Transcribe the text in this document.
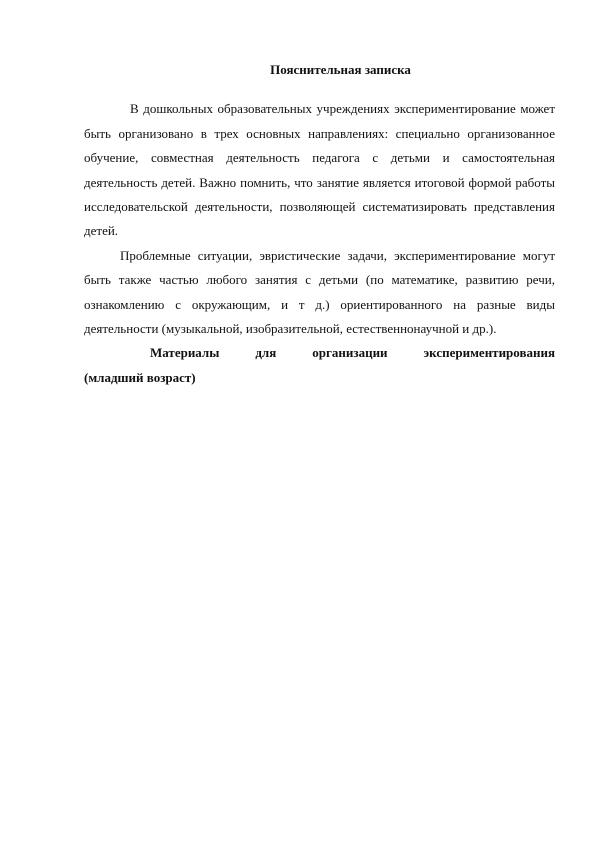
Пояснительная записка

В дошкольных образовательных учреждениях экспериментирование может быть организовано в трех основных направлениях: специально организованное обучение, совместная деятельность педагога с детьми и самостоятельная деятельность детей. Важно помнить, что занятие является итоговой формой работы исследовательской деятельности, позволяющей систематизировать представления детей.

Проблемные ситуации, эвристические задачи, экспериментирование могут быть также частью любого занятия с детьми (по математике, развитию речи, ознакомлению с окружающим, и т д.) ориентированного на разные виды деятельности (музыкальной, изобразительной, естественнонаучной и др.).

Материалы для организации экспериментирования

(младший возраст)
